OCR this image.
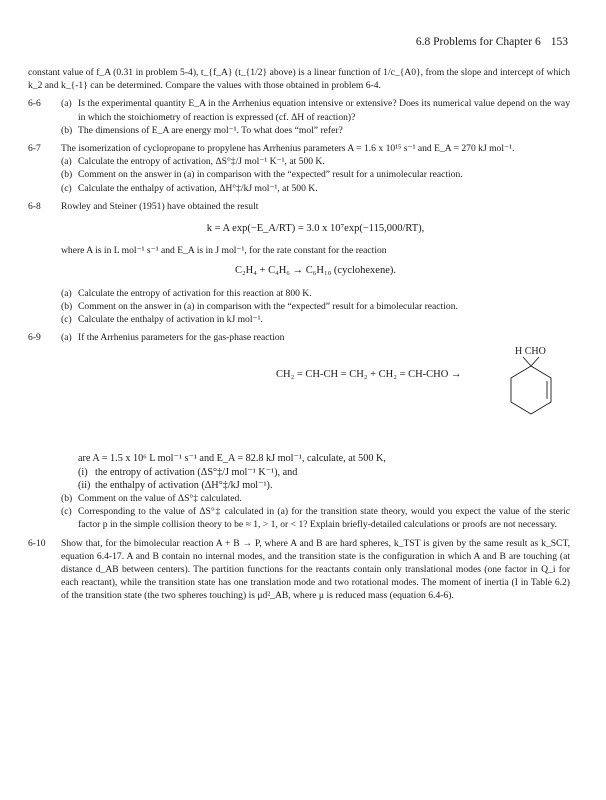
6.8 Problems for Chapter 6 153

constant value of f_A (0.31 in problem 5-4), t_{f_A} (t_{1/2} above) is a linear function of 1/c_{A0}, from the slope and intercept of which k_2 and k_{-1} can be determined. Compare the values with those obtained in problem 6-4.

6-6 (a) Is the experimental quantity E_A in the Arrhenius equation intensive or extensive? Does its numerical value depend on the way in which the stoichiometry of reaction is expressed (cf. ΔH of reaction)?

(b) The dimensions of E_A are energy mol⁻¹. To what does “mol” refer?

6-7 The isomerization of cyclopropane to propylene has Arrhenius parameters A = 1.6 x 10¹⁵ s⁻¹ and E_A = 270 kJ mol⁻¹.

(a) Calculate the entropy of activation, ΔS°‡/J mol⁻¹ K⁻¹, at 500 K.

(b) Comment on the answer in (a) in comparison with the “expected” result for a unimolecular reaction.

(c) Calculate the enthalpy of activation, ΔH°‡/kJ mol⁻¹, at 500 K.

6-8 Rowley and Steiner (1951) have obtained the result

k = A exp(−E_A/RT) = 3.0 x 10⁷exp(−115,000/RT),

where A is in L mol⁻¹ s⁻¹ and E_A is in J mol⁻¹, for the rate constant for the reaction

C₂H₄ + C₄H₆ → C₆H₁₀ (cyclohexene).
(a) Calculate the entropy of activation for this reaction at 800 K.

(b) Comment on the answer in (a) in comparison with the “expected” result for a bimolecular reaction.

(c) Calculate the enthalpy of activation in kJ mol⁻¹.

6-9 (a) If the Arrhenius parameters for the gas-phase reaction

CH₂ = CH-CH = CH₂ + CH₂ = CH-CHO →
H CHO

are A = 1.5 x 10⁶ L mol⁻¹ s⁻¹ and E_A = 82.8 kJ mol⁻¹, calculate, at 500 K,

(i) the entropy of activation (ΔS°‡/J mol⁻¹ K⁻¹), and

(ii) the enthalpy of activation (ΔH°‡/kJ mol⁻¹).

(b) Comment on the value of ΔS°‡ calculated.

(c) Corresponding to the value of ΔS°‡ calculated in (a) for the transition state theory, would you expect the value of the steric factor p in the simple collision theory to be ≈ 1, > 1, or < 1? Explain briefly-detailed calculations or proofs are not necessary.

6-10 Show that, for the bimolecular reaction A + B → P, where A and B are hard spheres, k_TST is given by the same result as k_SCT, equation 6.4-17. A and B contain no internal modes, and the transition state is the configuration in which A and B are touching (at distance d_AB between centers). The partition functions for the reactants contain only translational modes (one factor in Q_i for each reactant), while the transition state has one translation mode and two rotational modes. The moment of inertia (I in Table 6.2) of the transition state (the two spheres touching) is μd²_AB, where μ is reduced mass (equation 6.4-6).
